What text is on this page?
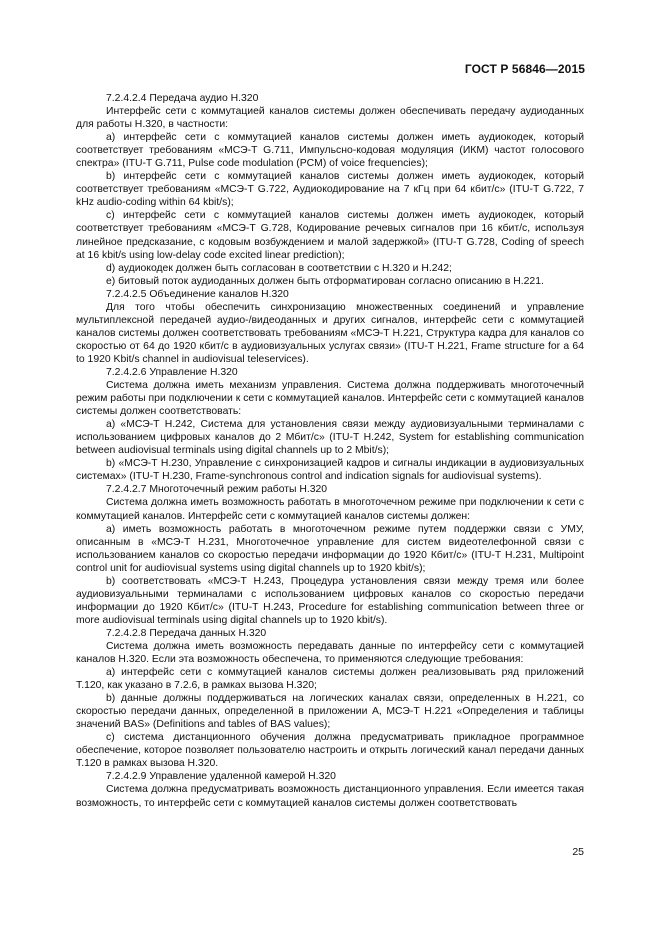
ГОСТ Р 56846—2015

7.2.4.2.4 Передача аудио H.320

Интерфейс сети с коммутацией каналов системы должен обеспечивать передачу аудиоданных для работы H.320, в частности:

a) интерфейс сети с коммутацией каналов системы должен иметь аудиокодек, который соответствует требованиям «МСЭ-Т G.711, Импульсно-кодовая модуляция (ИКМ) частот голосового спектра» (ITU-T G.711, Pulse code modulation (PCM) of voice frequencies);

b) интерфейс сети с коммутацией каналов системы должен иметь аудиокодек, который соответствует требованиям «МСЭ-Т G.722, Аудиокодирование на 7 кГц при 64 кбит/с» (ITU-T G.722, 7 kHz audio-coding within 64 kbit/s);

c) интерфейс сети с коммутацией каналов системы должен иметь аудиокодек, который соответствует требованиям «МСЭ-Т G.728, Кодирование речевых сигналов при 16 кбит/с, используя линейное предсказание, с кодовым возбуждением и малой задержкой» (ITU-T G.728, Coding of speech at 16 kbit/s using low-delay code excited linear prediction);

d) аудиокодек должен быть согласован в соответствии с H.320 и H.242;

e) битовый поток аудиоданных должен быть отформатирован согласно описанию в H.221.

7.2.4.2.5 Объединение каналов H.320

Для того чтобы обеспечить синхронизацию множественных соединений и управление мультиплексной передачей аудио-/видеоданных и других сигналов, интерфейс сети с коммутацией каналов системы должен соответствовать требованиям «МСЭ-Т H.221, Структура кадра для каналов со скоростью от 64 до 1920 кбит/с в аудиовизуальных услугах связи» (ITU-T H.221, Frame structure for a 64 to 1920 Kbit/s channel in audiovisual teleservices).

7.2.4.2.6 Управление H.320

Система должна иметь механизм управления. Система должна поддерживать многоточечный режим работы при подключении к сети с коммутацией каналов. Интерфейс сети с коммутацией каналов системы должен соответствовать:

a) «МСЭ-Т H.242, Система для установления связи между аудиовизуальными терминалами с использованием цифровых каналов до 2 Мбит/с» (ITU-T H.242, System for establishing communication between audiovisual terminals using digital channels up to 2 Mbit/s);

b) «МСЭ-Т H.230, Управление с синхронизацией кадров и сигналы индикации в аудиовизуальных системах» (ITU-T H.230, Frame-synchronous control and indication signals for audiovisual systems).

7.2.4.2.7 Многоточечный режим работы H.320

Система должна иметь возможность работать в многоточечном режиме при подключении к сети с коммутацией каналов. Интерфейс сети с коммутацией каналов системы должен:

a) иметь возможность работать в многоточечном режиме путем поддержки связи с УМУ, описанным в «МСЭ-Т H.231, Многоточечное управление для систем видеотелефонной связи с использованием каналов со скоростью передачи информации до 1920 Кбит/с» (ITU-T H.231, Multipoint control unit for audiovisual systems using digital channels up to 1920 kbit/s);

b) соответствовать «МСЭ-Т H.243, Процедура установления связи между тремя или более аудиовизуальными терминалами с использованием цифровых каналов со скоростью передачи информации до 1920 Кбит/с» (ITU-T H.243, Procedure for establishing communication between three or more audiovisual terminals using digital channels up to 1920 kbit/s).

7.2.4.2.8 Передача данных H.320

Система должна иметь возможность передавать данные по интерфейсу сети с коммутацией каналов H.320. Если эта возможность обеспечена, то применяются следующие требования:

a) интерфейс сети с коммутацией каналов системы должен реализовывать ряд приложений T.120, как указано в 7.2.6, в рамках вызова H.320;

b) данные должны поддерживаться на логических каналах связи, определенных в H.221, со скоростью передачи данных, определенной в приложении А, МСЭ-Т H.221 «Определения и таблицы значений BAS» (Definitions and tables of BAS values);

c) система дистанционного обучения должна предусматривать прикладное программное обеспечение, которое позволяет пользователю настроить и открыть логический канал передачи данных T.120 в рамках вызова H.320.

7.2.4.2.9 Управление удаленной камерой H.320

Система должна предусматривать возможность дистанционного управления. Если имеется такая возможность, то интерфейс сети с коммутацией каналов системы должен соответствовать

25
